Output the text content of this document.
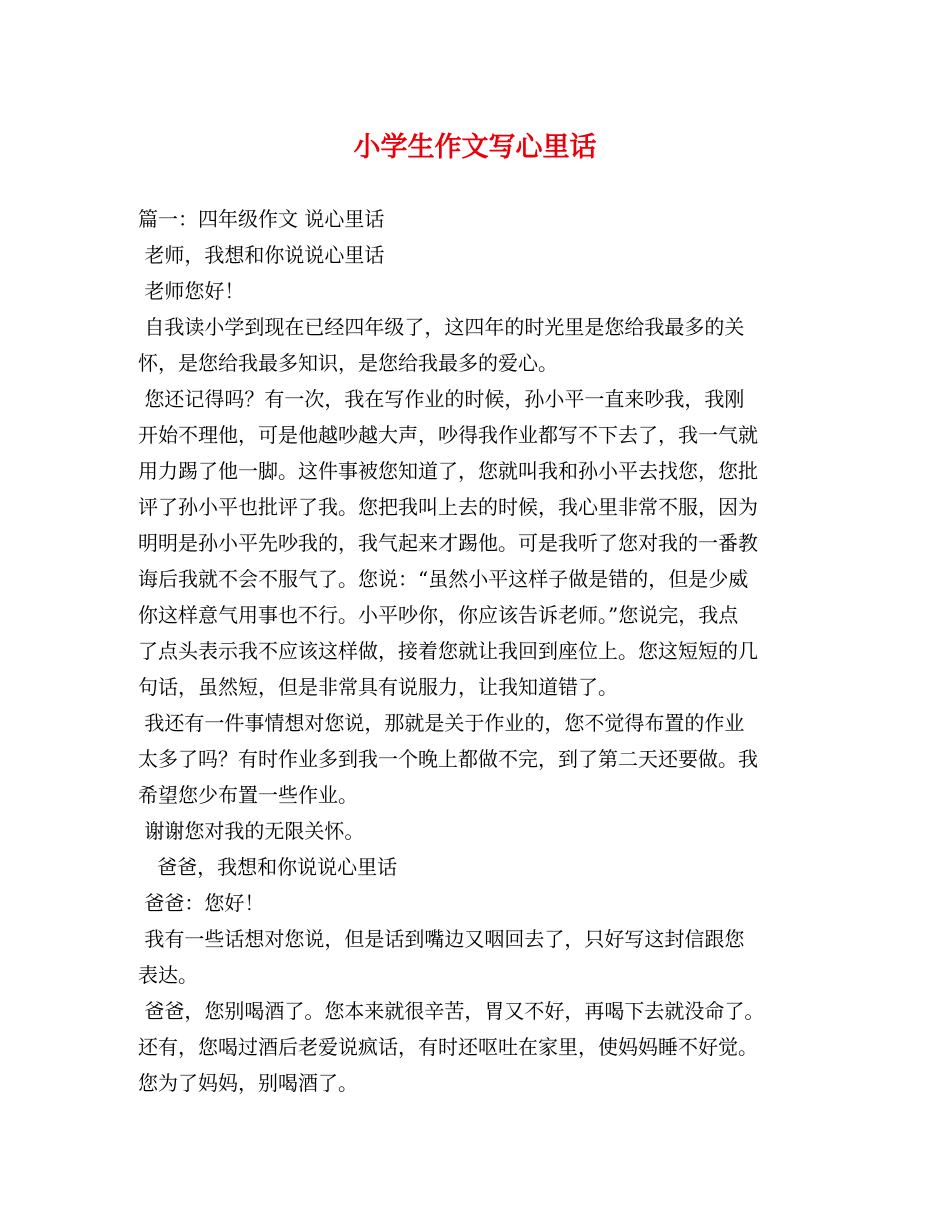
小学生作文写心里话
篇一：四年级作文 说心里话
老师，我想和你说说心里话
老师您好！
自我读小学到现在已经四年级了，这四年的时光里是您给我最多的关
怀，是您给我最多知识，是您给我最多的爱心。
您还记得吗？有一次，我在写作业的时候，孙小平一直来吵我，我刚
开始不理他，可是他越吵越大声，吵得我作业都写不下去了，我一气就
用力踢了他一脚。这件事被您知道了，您就叫我和孙小平去找您，您批
评了孙小平也批评了我。您把我叫上去的时候，我心里非常不服，因为
明明是孙小平先吵我的，我气起来才踢他。可是我听了您对我的一番教
诲后我就不会不服气了。您说：“虽然小平这样子做是错的，但是少威
你这样意气用事也不行。小平吵你，你应该告诉老师。”您说完，我点
了点头表示我不应该这样做，接着您就让我回到座位上。您这短短的几
句话，虽然短，但是非常具有说服力，让我知道错了。
我还有一件事情想对您说，那就是关于作业的，您不觉得布置的作业
太多了吗？有时作业多到我一个晚上都做不完，到了第二天还要做。我
希望您少布置一些作业。
谢谢您对我的无限关怀。
爸爸，我想和你说说心里话
爸爸：您好！
我有一些话想对您说，但是话到嘴边又咽回去了，只好写这封信跟您
表达。
爸爸，您别喝酒了。您本来就很辛苦，胃又不好，再喝下去就没命了。
还有，您喝过酒后老爱说疯话，有时还呕吐在家里，使妈妈睡不好觉。
您为了妈妈，别喝酒了。
